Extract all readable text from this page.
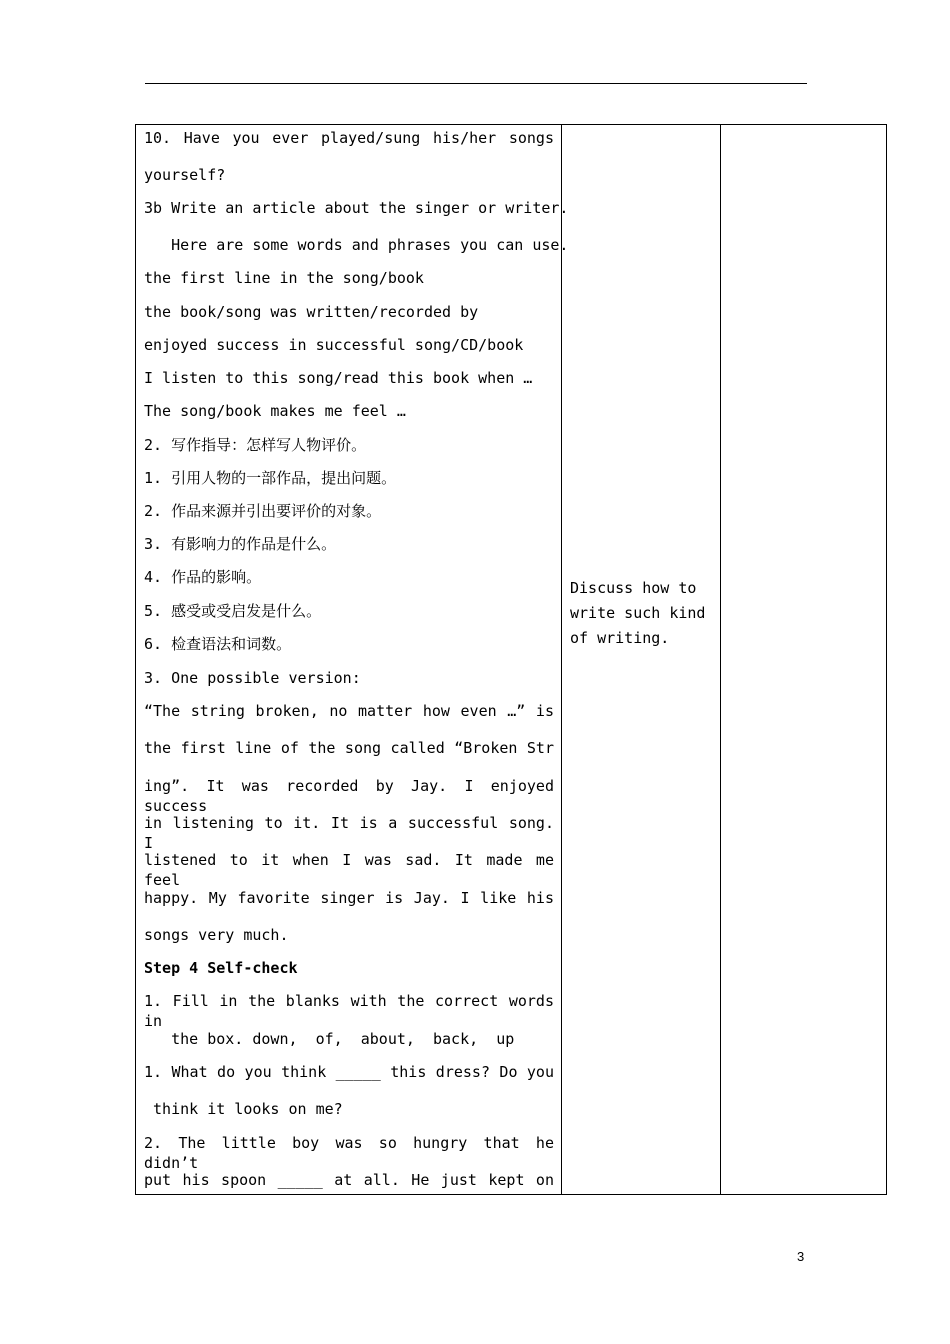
10. Have you ever played/sung his/her songs
yourself?
3b Write an article about the singer or writer.
Here are some words and phrases you can use.
the first line in the song/book
the book/song was written/recorded by
enjoyed success in successful song/CD/book
I listen to this song/read this book when …
The song/book makes me feel …
2. 写作指导：怎样写人物评价。
1. 引用人物的一部作品，提出问题。
2. 作品来源并引出要评价的对象。
3. 有影响力的作品是什么。
4. 作品的影响。
5. 感受或受启发是什么。
6. 检查语法和词数。
3. One possible version:
“The string broken, no matter how even …” is
the first line of the song called “Broken Str
ing”. It was recorded by Jay. I enjoyed success
in listening to it. It is a successful song. I
listened to it when I was sad. It made me feel
happy. My favorite singer is Jay. I like his
songs very much.
Step 4 Self-check
1. Fill in the blanks with the correct words in
the box. down,  of,  about,  back,  up
1. What do you think _____ this dress? Do you
think it looks on me?
2. The little boy was so hungry that he didn’t
put his spoon _____ at all. He just kept on
Discuss how to
write such kind
of writing.
3
